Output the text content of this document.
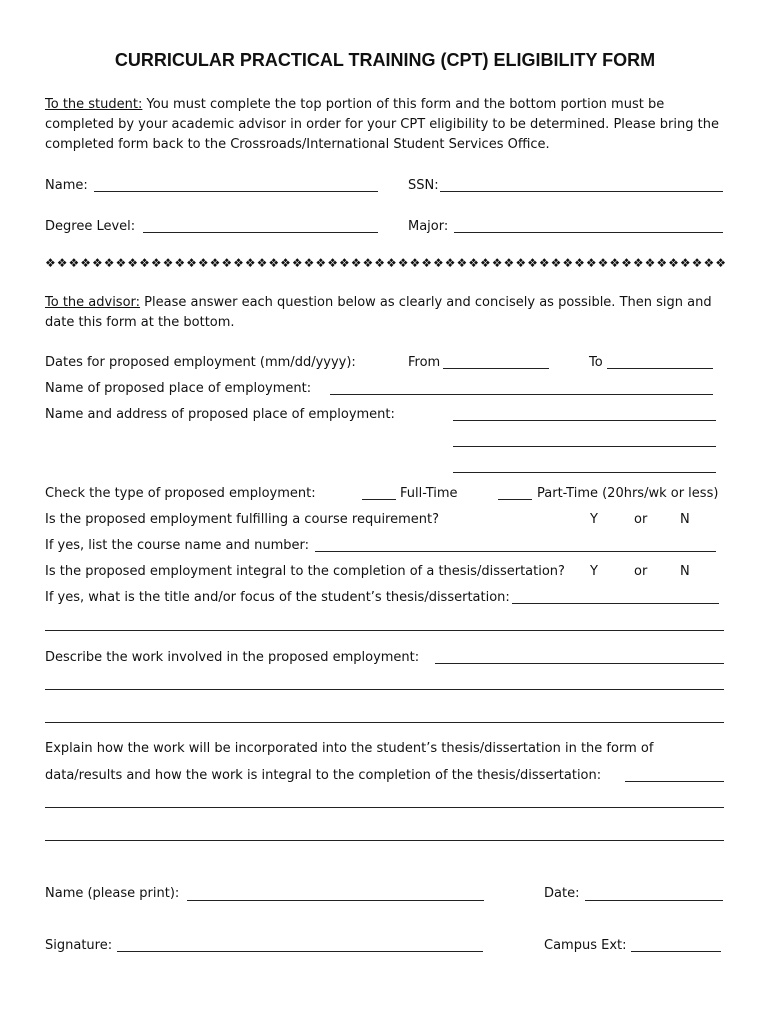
CURRICULAR PRACTICAL TRAINING (CPT) ELIGIBILITY FORM
To the student: You must complete the top portion of this form and the bottom portion must be completed by your academic advisor in order for your CPT eligibility to be determined. Please bring the completed form back to the Crossroads/International Student Services Office.
Name:	SSN:
Degree Level:	Major:
❖❖❖❖❖❖❖❖❖❖❖❖❖❖❖❖❖❖❖❖❖❖❖❖❖❖❖❖❖❖❖❖❖❖❖❖❖❖❖❖❖❖❖❖❖❖❖❖❖❖❖❖❖❖❖❖❖❖
To the advisor: Please answer each question below as clearly and concisely as possible. Then sign and date this form at the bottom.
Dates for proposed employment (mm/dd/yyyy):	From	To
Name of proposed place of employment:
Name and address of proposed place of employment:
Check the type of proposed employment:	Full-Time	Part-Time (20hrs/wk or less)
Is the proposed employment fulfilling a course requirement?	Y	or	N
If yes, list the course name and number:
Is the proposed employment integral to the completion of a thesis/dissertation? Y	or	N
If yes, what is the title and/or focus of the student’s thesis/dissertation:
Describe the work involved in the proposed employment:
Explain how the work will be incorporated into the student’s thesis/dissertation in the form of
data/results and how the work is integral to the completion of the thesis/dissertation:
Name (please print):	Date:
Signature:	Campus Ext:
